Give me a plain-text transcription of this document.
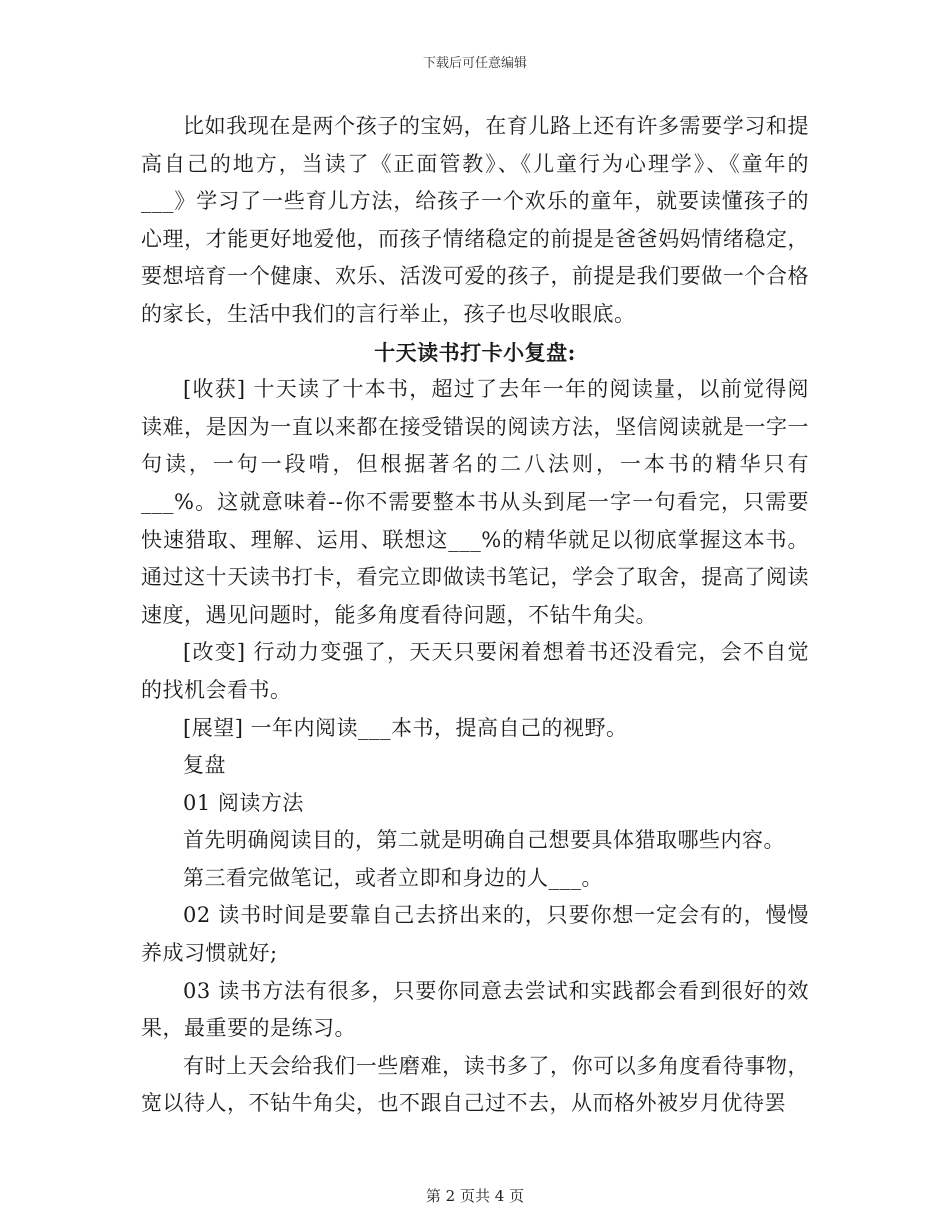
下载后可任意编辑

比如我现在是两个孩子的宝妈，在育儿路上还有许多需要学习和提高自己的地方，当读了《正面管教》、《儿童行为心理学》、《童年的___》学习了一些育儿方法，给孩子一个欢乐的童年，就要读懂孩子的心理，才能更好地爱他，而孩子情绪稳定的前提是爸爸妈妈情绪稳定，要想培育一个健康、欢乐、活泼可爱的孩子，前提是我们要做一个合格的家长，生活中我们的言行举止，孩子也尽收眼底。

十天读书打卡小复盘:

[收获] 十天读了十本书，超过了去年一年的阅读量，以前觉得阅读难，是因为一直以来都在接受错误的阅读方法，坚信阅读就是一字一句读，一句一段啃，但根据著名的二八法则，一本书的精华只有___%。这就意味着--你不需要整本书从头到尾一字一句看完，只需要快速猎取、理解、运用、联想这___%的精华就足以彻底掌握这本书。通过这十天读书打卡，看完立即做读书笔记，学会了取舍，提高了阅读速度，遇见问题时，能多角度看待问题，不钻牛角尖。

[改变] 行动力变强了，天天只要闲着想着书还没看完，会不自觉的找机会看书。

[展望] 一年内阅读___本书，提高自己的视野。

复盘

01 阅读方法

首先明确阅读目的，第二就是明确自己想要具体猎取哪些内容。

第三看完做笔记，或者立即和身边的人___。

02 读书时间是要靠自己去挤出来的，只要你想一定会有的，慢慢养成习惯就好;

03 读书方法有很多，只要你同意去尝试和实践都会看到很好的效果，最重要的是练习。

有时上天会给我们一些磨难，读书多了，你可以多角度看待事物，宽以待人，不钻牛角尖，也不跟自己过不去，从而格外被岁月优待罢

第 2 页共 4 页
